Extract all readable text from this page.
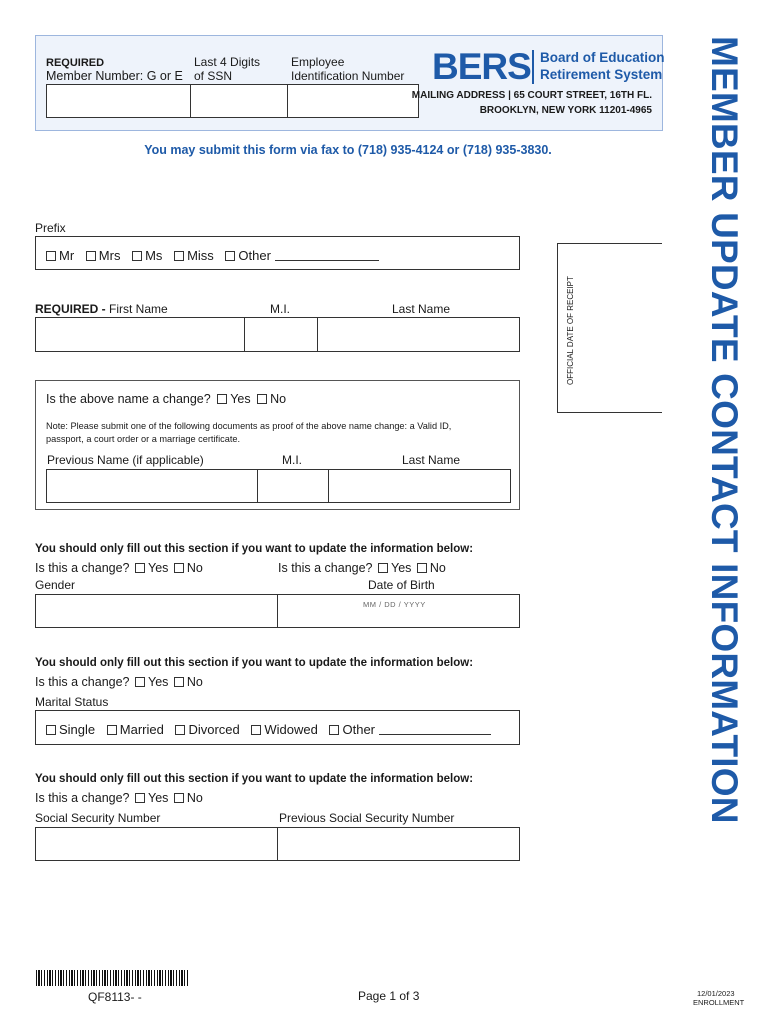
REQUIRED
Member Number: G or E
Last 4 Digits
of SSN
Employee
Identification Number BERS Board of Education
Retirement System
MAILING ADDRESS | 65 COURT STREET, 16TH FL.
BROOKLYN, NEW YORK 11201-4965
You may submit this form via fax to (718) 935-4124 or (718) 935-3830.	MEMBER UPDATE CONTACT INFORMATION
OFFICIAL DATE OF RECEIPT
Prefix
Mr Mrs Ms Miss Other
REQUIRED - First Name	M.I.	Last Name
Is the above name a change? Yes No
Note: Please submit one of the following documents as proof of the above name change: a Valid ID,
passport, a court order or a marriage certificate.
Previous Name (if applicable)	M.I.	Last Name
You should only fill out this section if you want to update the information below:
Is this a change? Yes No	Is this a change? Yes No
Gender	Date of Birth
MM / DD / YYYY
You should only fill out this section if you want to update the information below:
Is this a change? Yes No
Marital Status
Single Married Divorced Widowed Other
You should only fill out this section if you want to update the information below:
Is this a change? Yes No
Social Security Number	Previous Social Security Number
QF8113- -	Page 1 of 3	12/01/2023
ENROLLMENT
